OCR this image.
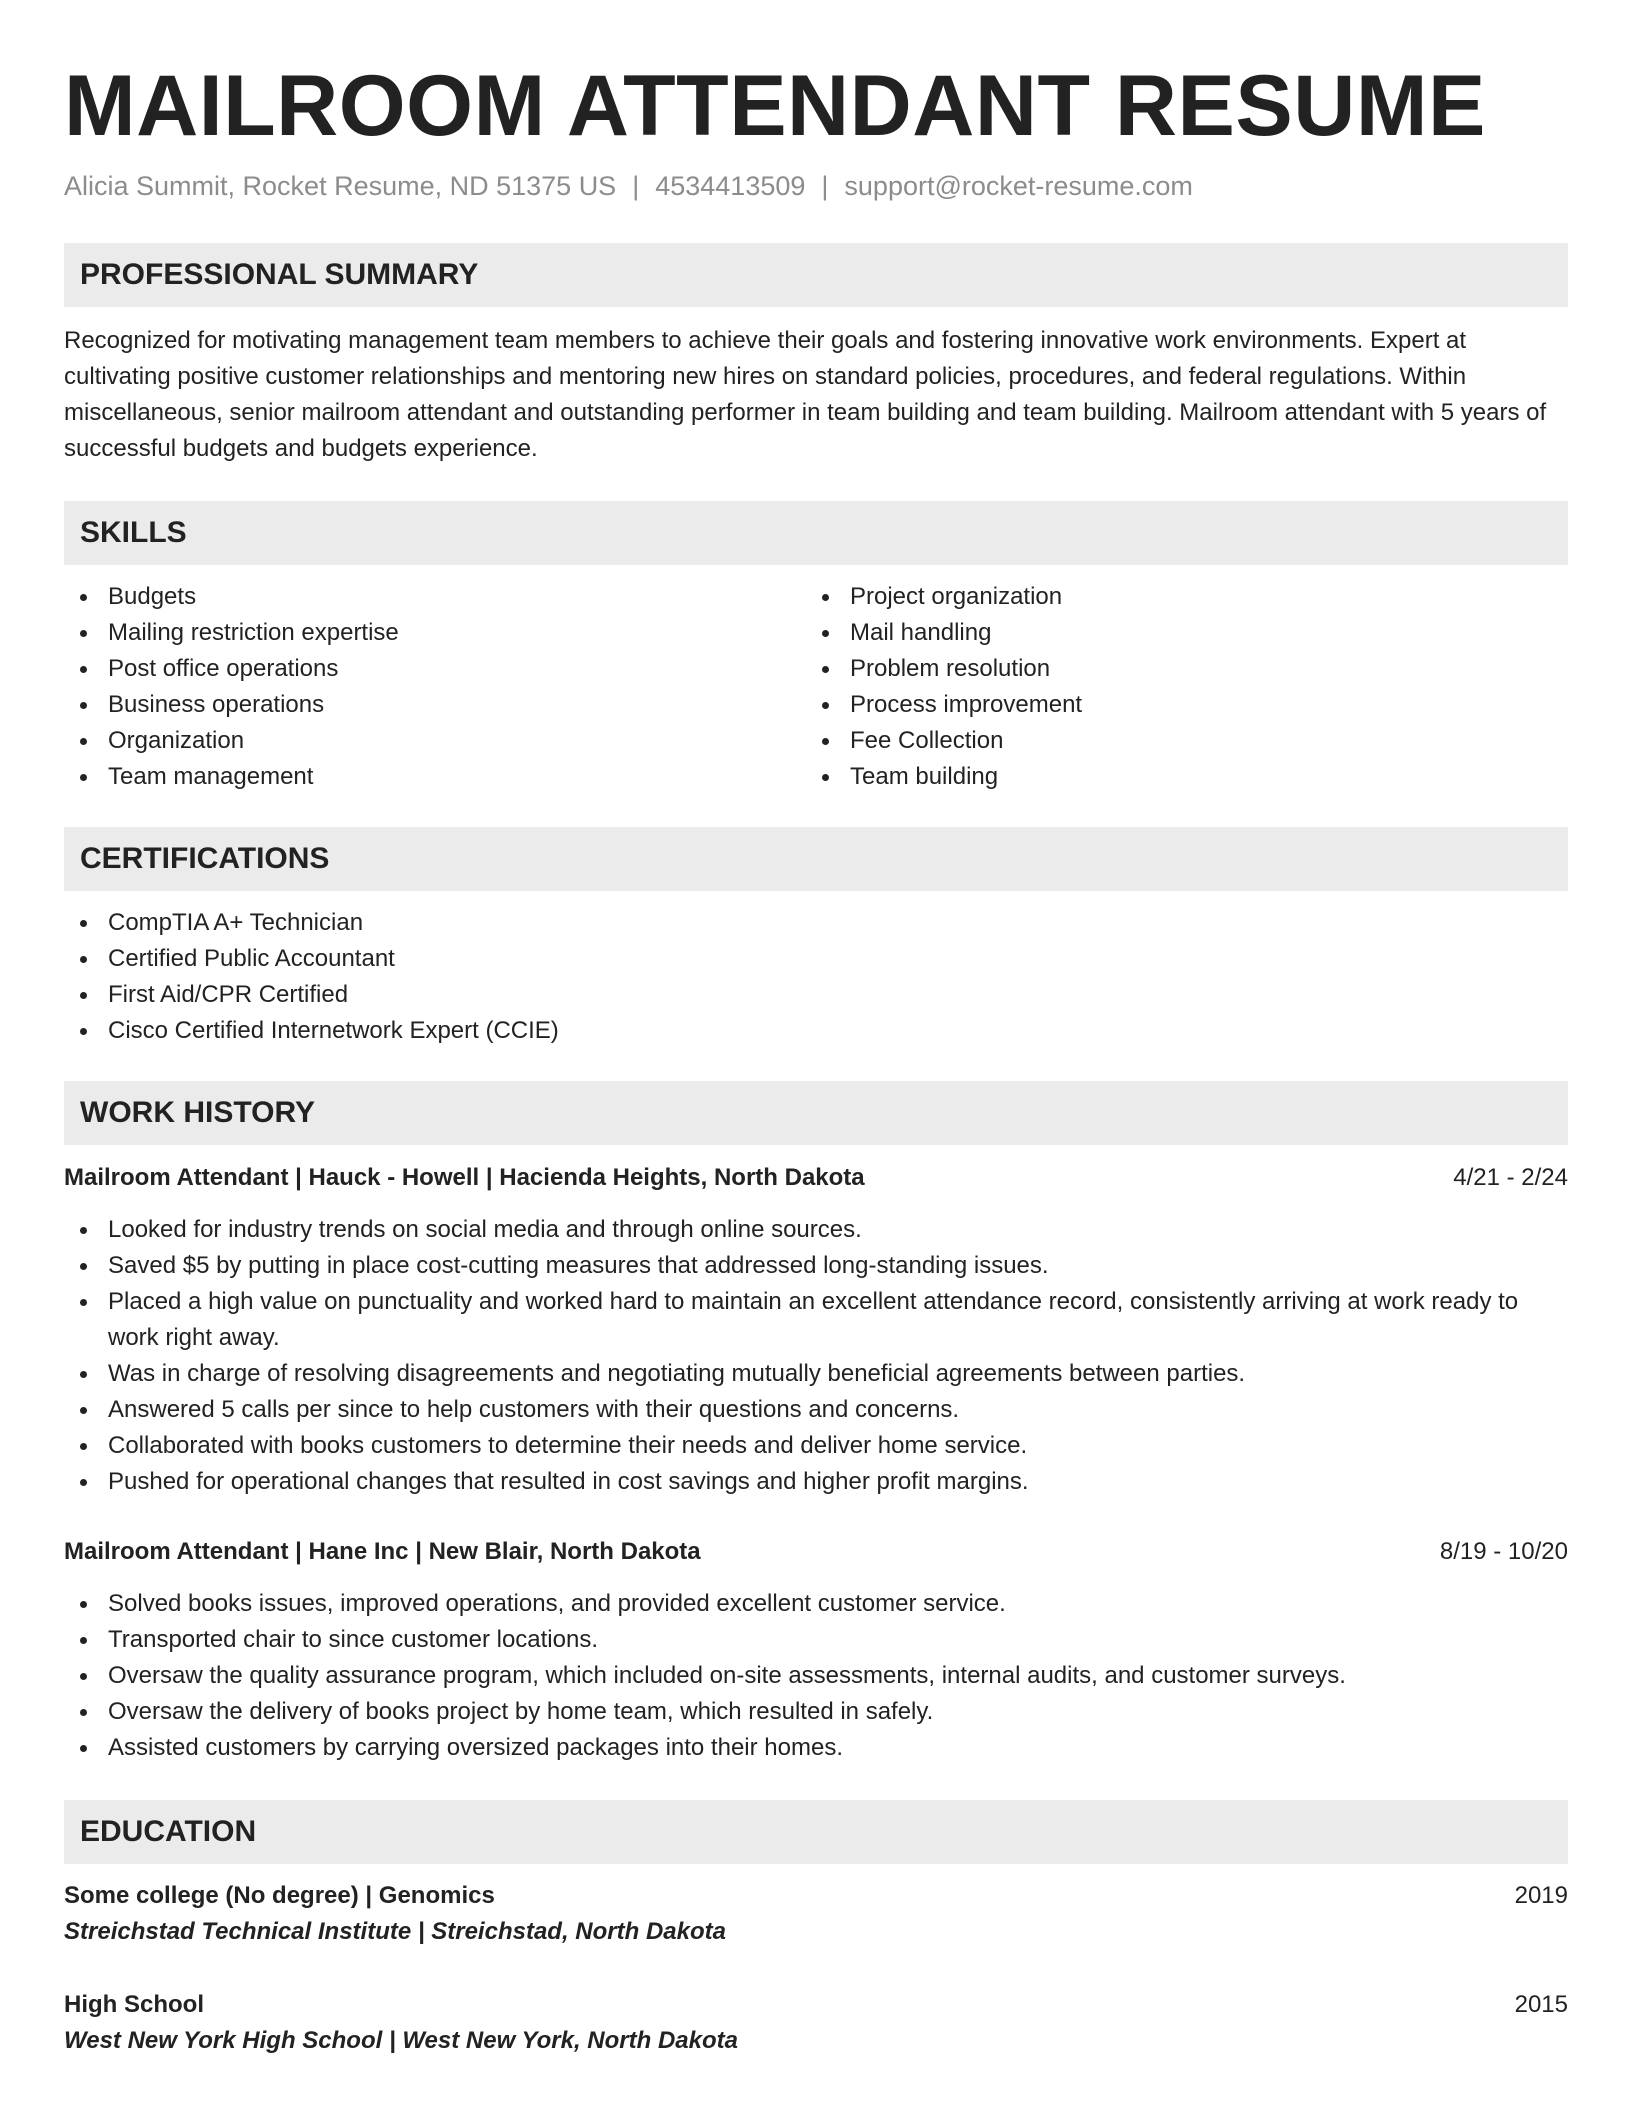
MAILROOM ATTENDANT RESUME
Alicia Summit, Rocket Resume, ND 51375 US | 4534413509 | support@rocket-resume.com
PROFESSIONAL SUMMARY

Recognized for motivating management team members to achieve their goals and fostering innovative work environments. Expert at cultivating positive customer relationships and mentoring new hires on standard policies, procedures, and federal regulations. Within miscellaneous, senior mailroom attendant and outstanding performer in team building and team building. Mailroom attendant with 5 years of successful budgets and budgets experience.

SKILLS
Budgets
Mailing restriction expertise
Post office operations
Business operations
Organization
Team management
Project organization
Mail handling
Problem resolution
Process improvement
Fee Collection
Team building
CERTIFICATIONS
CompTIA A+ Technician
Certified Public Accountant
First Aid/CPR Certified
Cisco Certified Internetwork Expert (CCIE)
WORK HISTORY
Mailroom Attendant | Hauck - Howell | Hacienda Heights, North Dakota	4/21 - 2/24
Looked for industry trends on social media and through online sources.
Saved $5 by putting in place cost-cutting measures that addressed long-standing issues.
Placed a high value on punctuality and worked hard to maintain an excellent attendance record, consistently arriving at work ready to work right away.
Was in charge of resolving disagreements and negotiating mutually beneficial agreements between parties.
Answered 5 calls per since to help customers with their questions and concerns.
Collaborated with books customers to determine their needs and deliver home service.
Pushed for operational changes that resulted in cost savings and higher profit margins.
Mailroom Attendant | Hane Inc | New Blair, North Dakota	8/19 - 10/20
Solved books issues, improved operations, and provided excellent customer service.
Transported chair to since customer locations.
Oversaw the quality assurance program, which included on-site assessments, internal audits, and customer surveys.
Oversaw the delivery of books project by home team, which resulted in safely.
Assisted customers by carrying oversized packages into their homes.
EDUCATION
Some college (No degree) | Genomics	2019
Streichstad Technical Institute | Streichstad, North Dakota
High School	2015
West New York High School | West New York, North Dakota
